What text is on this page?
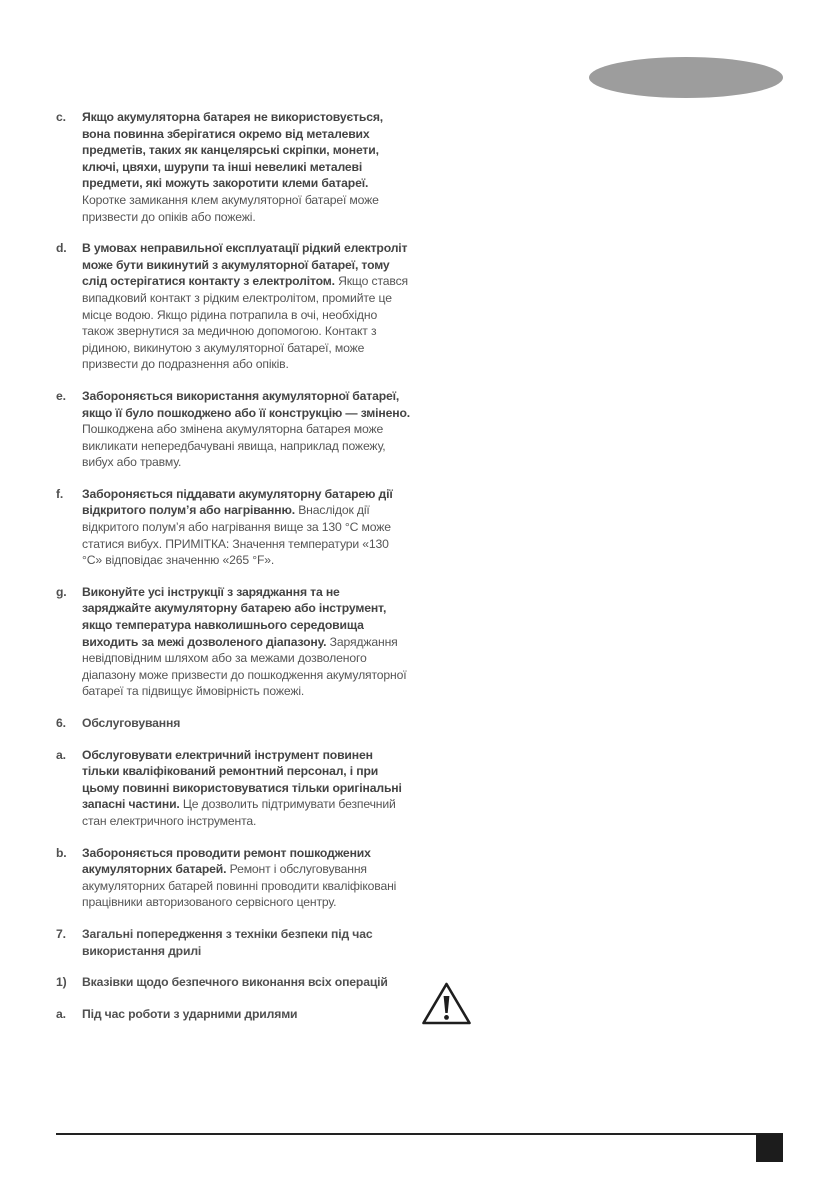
c. Якщо акумуляторна батарея не використовується, вона повинна зберігатися окремо від металевих предметів, таких як канцелярські скріпки, монети, ключі, цвяхи, шурупи та інші невеликі металеві предмети, які можуть закоротити клеми батареї. Коротке замикання клем акумуляторної батареї може призвести до опіків або пожежі.
d. В умовах неправильної експлуатації рідкий електроліт може бути викинутий з акумуляторної батареї, тому слід остерігатися контакту з електролітом. Якщо стався випадковий контакт з рідким електролітом, промийте це місце водою. Якщо рідина потрапила в очі, необхідно також звернутися за медичною допомогою. Контакт з рідиною, викинутою з акумуляторної батареї, може призвести до подразнення або опіків.
e. Забороняється використання акумуляторної батареї, якщо її було пошкоджено або її конструкцію — змінено. Пошкоджена або змінена акумуляторна батарея може викликати непередбачувані явища, наприклад пожежу, вибух або травму.
f. Забороняється піддавати акумуляторну батарею дії відкритого полум’я або нагріванню. Внаслідок дії відкритого полум’я або нагрівання вище за 130 °C може статися вибух. ПРИМІТКА: Значення температури «130 °C» відповідає значенню «265 °F».
g. Виконуйте усі інструкції з заряджання та не заряджайте акумуляторну батарею або інструмент, якщо температура навколишнього середовища виходить за межі дозволеного діапазону. Заряджання невідповідним шляхом або за межами дозволеного діапазону може призвести до пошкодження акумуляторної батареї та підвищує ймовірність пожежі.
6. Обслуговування
a. Обслуговувати електричний інструмент повинен тільки кваліфікований ремонтний персонал, і при цьому повинні використовуватися тільки оригінальні запасні частини. Це дозволить підтримувати безпечний стан електричного інструмента.
b. Забороняється проводити ремонт пошкоджених акумуляторних батарей. Ремонт і обслуговування акумуляторних батарей повинні проводити кваліфіковані працівники авторизованого сервісного центру.
7. Загальні попередження з техніки безпеки під час використання дрилі
1) Вказівки щодо безпечного виконання всіх операцій
a. Під час роботи з ударними дрилями
